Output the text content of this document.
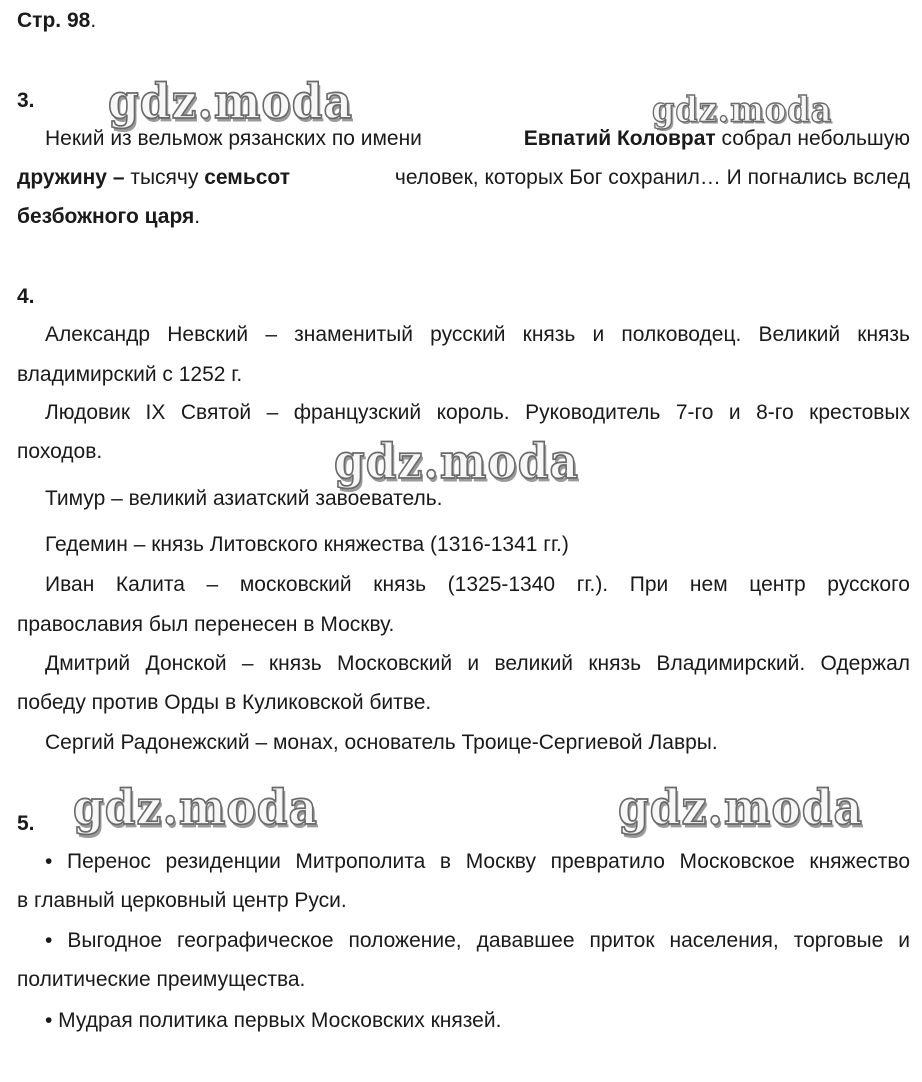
Стр. 98.
gdz.moda	gdz.moda
gdz.moda
gdz.moda	gdz.moda
3.
Некий из вельмож рязанских по имени	Евпатий Коловрат собрал небольшую
дружину – тысячу семьсот	человек, которых Бог сохранил… И погнались вслед
безбожного царя.
4.
Александр Невский – знаменитый русский князь и полководец. Великий князь
владимирский с 1252 г.
Людовик IX Святой – французский король. Руководитель 7-го и 8-го крестовых
походов.
Тимур – великий азиатский завоеватель.
Гедемин – князь Литовского княжества (1316-1341 гг.)
Иван Калита – московский князь (1325-1340 гг.). При нем центр русского
православия был перенесен в Москву.
Дмитрий Донской – князь Московский и великий князь Владимирский. Одержал
победу против Орды в Куликовской битве.
Сергий Радонежский – монах, основатель Троице-Сергиевой Лавры.
5.
• Перенос резиденции Митрополита в Москву превратило Московское княжество
в главный церковный центр Руси.
• Выгодное географическое положение, дававшее приток населения, торговые и
политические преимущества.
• Мудрая политика первых Московских князей.
